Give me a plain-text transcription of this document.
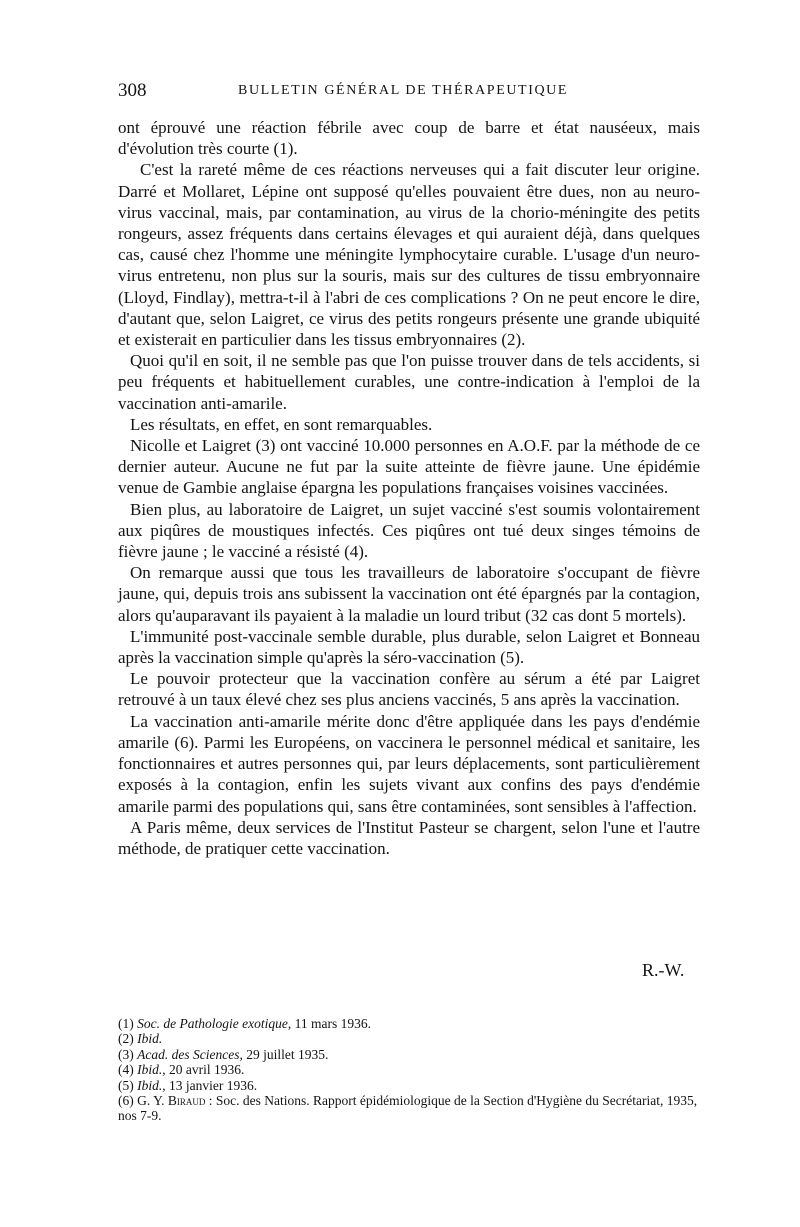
308	BULLETIN GÉNÉRAL DE THÉRAPEUTIQUE

ont éprouvé une réaction fébrile avec coup de barre et état nauséeux, mais d'évolution très courte (1).

C'est la rareté même de ces réactions nerveuses qui a fait discuter leur origine. Darré et Mollaret, Lépine ont supposé qu'elles pouvaient être dues, non au neuro-virus vaccinal, mais, par contamination, au virus de la chorio-méningite des petits rongeurs, assez fréquents dans certains élevages et qui auraient déjà, dans quelques cas, causé chez l'homme une méningite lymphocytaire curable. L'usage d'un neuro-virus entretenu, non plus sur la souris, mais sur des cultures de tissu embryonnaire (Lloyd, Findlay), mettra-t-il à l'abri de ces complications ? On ne peut encore le dire, d'autant que, selon Laigret, ce virus des petits rongeurs présente une grande ubiquité et existerait en particulier dans les tissus embryonnaires (2).

Quoi qu'il en soit, il ne semble pas que l'on puisse trouver dans de tels accidents, si peu fréquents et habituellement curables, une contre-indication à l'emploi de la vaccination anti-amarile.

Les résultats, en effet, en sont remarquables.

Nicolle et Laigret (3) ont vacciné 10.000 personnes en A.O.F. par la méthode de ce dernier auteur. Aucune ne fut par la suite atteinte de fièvre jaune. Une épidémie venue de Gambie anglaise épargna les populations françaises voisines vaccinées.

Bien plus, au laboratoire de Laigret, un sujet vacciné s'est soumis volontairement aux piqûres de moustiques infectés. Ces piqûres ont tué deux singes témoins de fièvre jaune ; le vacciné a résisté (4).

On remarque aussi que tous les travailleurs de laboratoire s'occupant de fièvre jaune, qui, depuis trois ans subissent la vaccination ont été épargnés par la contagion, alors qu'auparavant ils payaient à la maladie un lourd tribut (32 cas dont 5 mortels).

L'immunité post-vaccinale semble durable, plus durable, selon Laigret et Bonneau après la vaccination simple qu'après la séro-vaccination (5).

Le pouvoir protecteur que la vaccination confère au sérum a été par Laigret retrouvé à un taux élevé chez ses plus anciens vaccinés, 5 ans après la vaccination.

La vaccination anti-amarile mérite donc d'être appliquée dans les pays d'endémie amarile (6). Parmi les Européens, on vaccinera le personnel médical et sanitaire, les fonctionnaires et autres personnes qui, par leurs déplacements, sont particulièrement exposés à la contagion, enfin les sujets vivant aux confins des pays d'endémie amarile parmi des populations qui, sans être contaminées, sont sensibles à l'affection.

A Paris même, deux services de l'Institut Pasteur se chargent, selon l'une et l'autre méthode, de pratiquer cette vaccination.

R.-W.

(1) Soc. de Pathologie exotique, 11 mars 1936.

(2) Ibid.

(3) Acad. des Sciences, 29 juillet 1935.

(4) Ibid., 20 avril 1936.

(5) Ibid., 13 janvier 1936.

(6) G. Y. Biraud : Soc. des Nations. Rapport épidémiologique de la Section d'Hygiène du Secrétariat, 1935, nos 7-9.
